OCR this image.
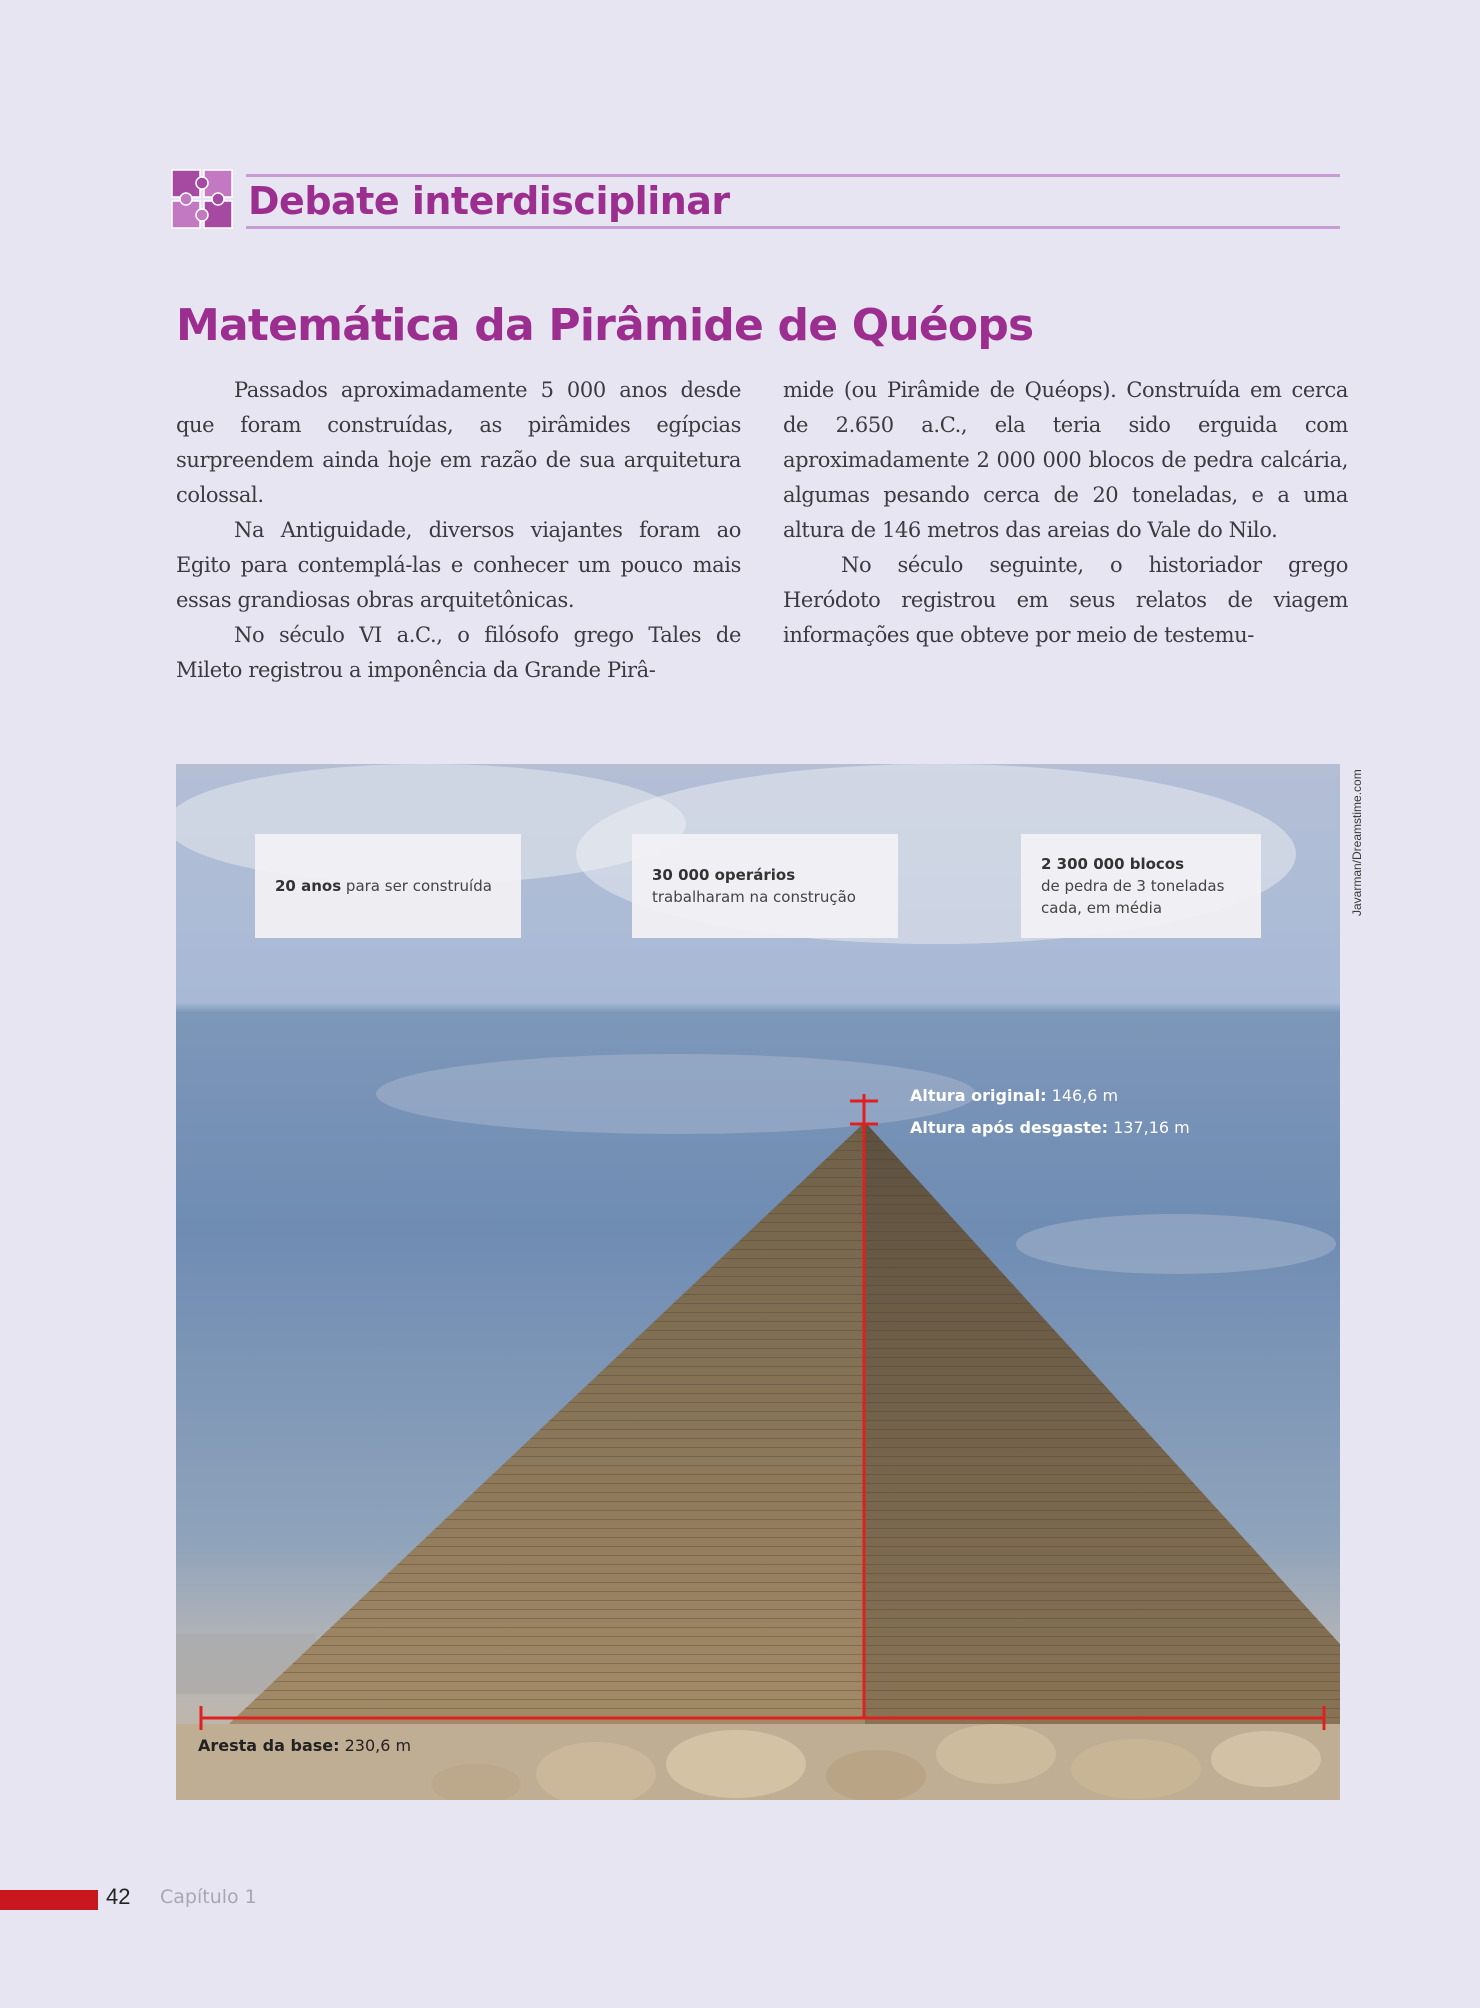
Debate interdisciplinar
Matemática da Pirâmide de Quéops

Passados aproximadamente 5 000 anos desde que foram construídas, as pirâmides egípcias surpreendem ainda hoje em razão de sua arquitetura colossal.

Na Antiguidade, diversos viajantes foram ao Egito para contemplá-las e conhecer um pouco mais essas grandiosas obras arquitetônicas.

No século VI a.C., o filósofo grego Tales de Mileto registrou a imponência da Grande Pirâ-

mide (ou Pirâmide de Quéops). Construída em cerca de 2.650 a.C., ela teria sido erguida com aproximadamente 2 000 000 blocos de pedra calcária, algumas pesando cerca de 20 toneladas, e a uma altura de 146 metros das areias do Vale do Nilo.

No século seguinte, o historiador grego Heródoto registrou em seus relatos de viagem informações que obteve por meio de testemu-

Javarman/Dreamstime.com
20 anos para ser construída
30 000 operários
trabalharam na construção
2 300 000 blocos
de pedra de 3 toneladas cada, em média
Altura original: 146,6 m
Altura após desgaste: 137,16 m
Aresta da base: 230,6 m
42 Capítulo 1
